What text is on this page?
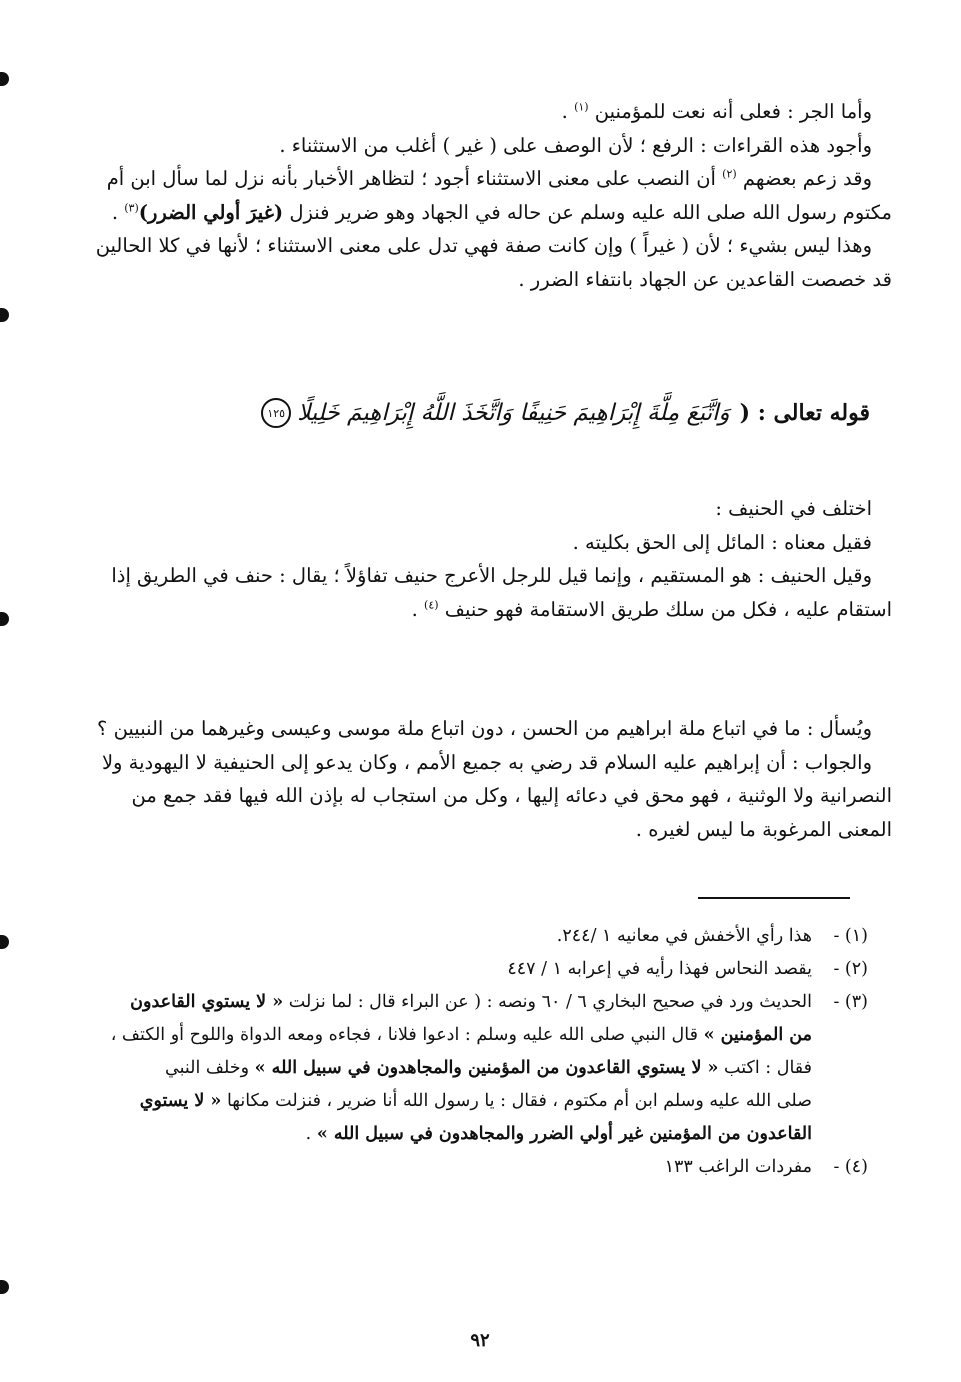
وأما الجر : فعلى أنه نعت للمؤمنين $^{(١)}$ .
وأجود هذه القراءات : الرفع ؛ لأن الوصف على ( غير ) أغلب من الاستثناء .
وقد زعم بعضهم $^{(٢)}$ أن النصب على معنى الاستثناء أجود ؛ لتظاهر الأخبار بأنه نزل لما سأل ابن أم
مكتوم رسول الله صلى الله عليه وسلم عن حاله في الجهاد وهو ضرير فنزل (غيرَ أولي الضرر)$^{(٣)}$ .
وهذا ليس بشيء ؛ لأن ( غيراً ) وإن كانت صفة فهي تدل على معنى الاستثناء ؛ لأنها في كلا الحالين
قد خصصت القاعدين عن الجهاد بانتفاء الضرر .
قوله تعالى : (
وَاتَّبَعَ مِلَّةَ إِبْرَاهِيمَ حَنِيفًا وَاتَّخَذَ اللَّهُ إِبْرَاهِيمَ خَلِيلًا
١٢٥
اختلف في الحنيف :
فقيل معناه : المائل إلى الحق بكليته .
وقيل الحنيف : هو المستقيم ، وإنما قيل للرجل الأعرج حنيف تفاؤلاً ؛ يقال : حنف في الطريق إذا
استقام عليه ، فكل من سلك طريق الاستقامة فهو حنيف $^{(٤)}$ .
ويُسأل : ما في اتباع ملة ابراهيم من الحسن ، دون اتباع ملة موسى وعيسى وغيرهما من النبيين ؟
والجواب : أن إبراهيم عليه السلام قد رضي به جميع الأمم ، وكان يدعو إلى الحنيفية لا اليهودية ولا
النصرانية ولا الوثنية ، فهو محق في دعائه إليها ، وكل من استجاب له بإذن الله فيها فقد جمع من
المعنى المرغوبة ما ليس لغيره .
(١) -
هذا رأي الأخفش في معانيه ١ /٢٤٤.
(٢) -
يقصد النحاس فهذا رأيه في إعرابه ١ / ٤٤٧
(٣) -
الحديث ورد في صحيح البخاري ٦ / ٦٠ ونصه : ( عن البراء قال : لما نزلت « لا يستوي القاعدون
من المؤمنين » قال النبي صلى الله عليه وسلم : ادعوا فلانا ، فجاءه ومعه الدواة واللوح أو الكتف ،
فقال : اكتب « لا يستوي القاعدون من المؤمنين والمجاهدون في سبيل الله » وخلف النبي
صلى الله عليه وسلم ابن أم مكتوم ، فقال : يا رسول الله أنا ضرير ، فنزلت مكانها « لا يستوي
القاعدون من المؤمنين غير أولي الضرر والمجاهدون في سبيل الله » .
(٤) -
مفردات الراغب ١٣٣
٩٢
